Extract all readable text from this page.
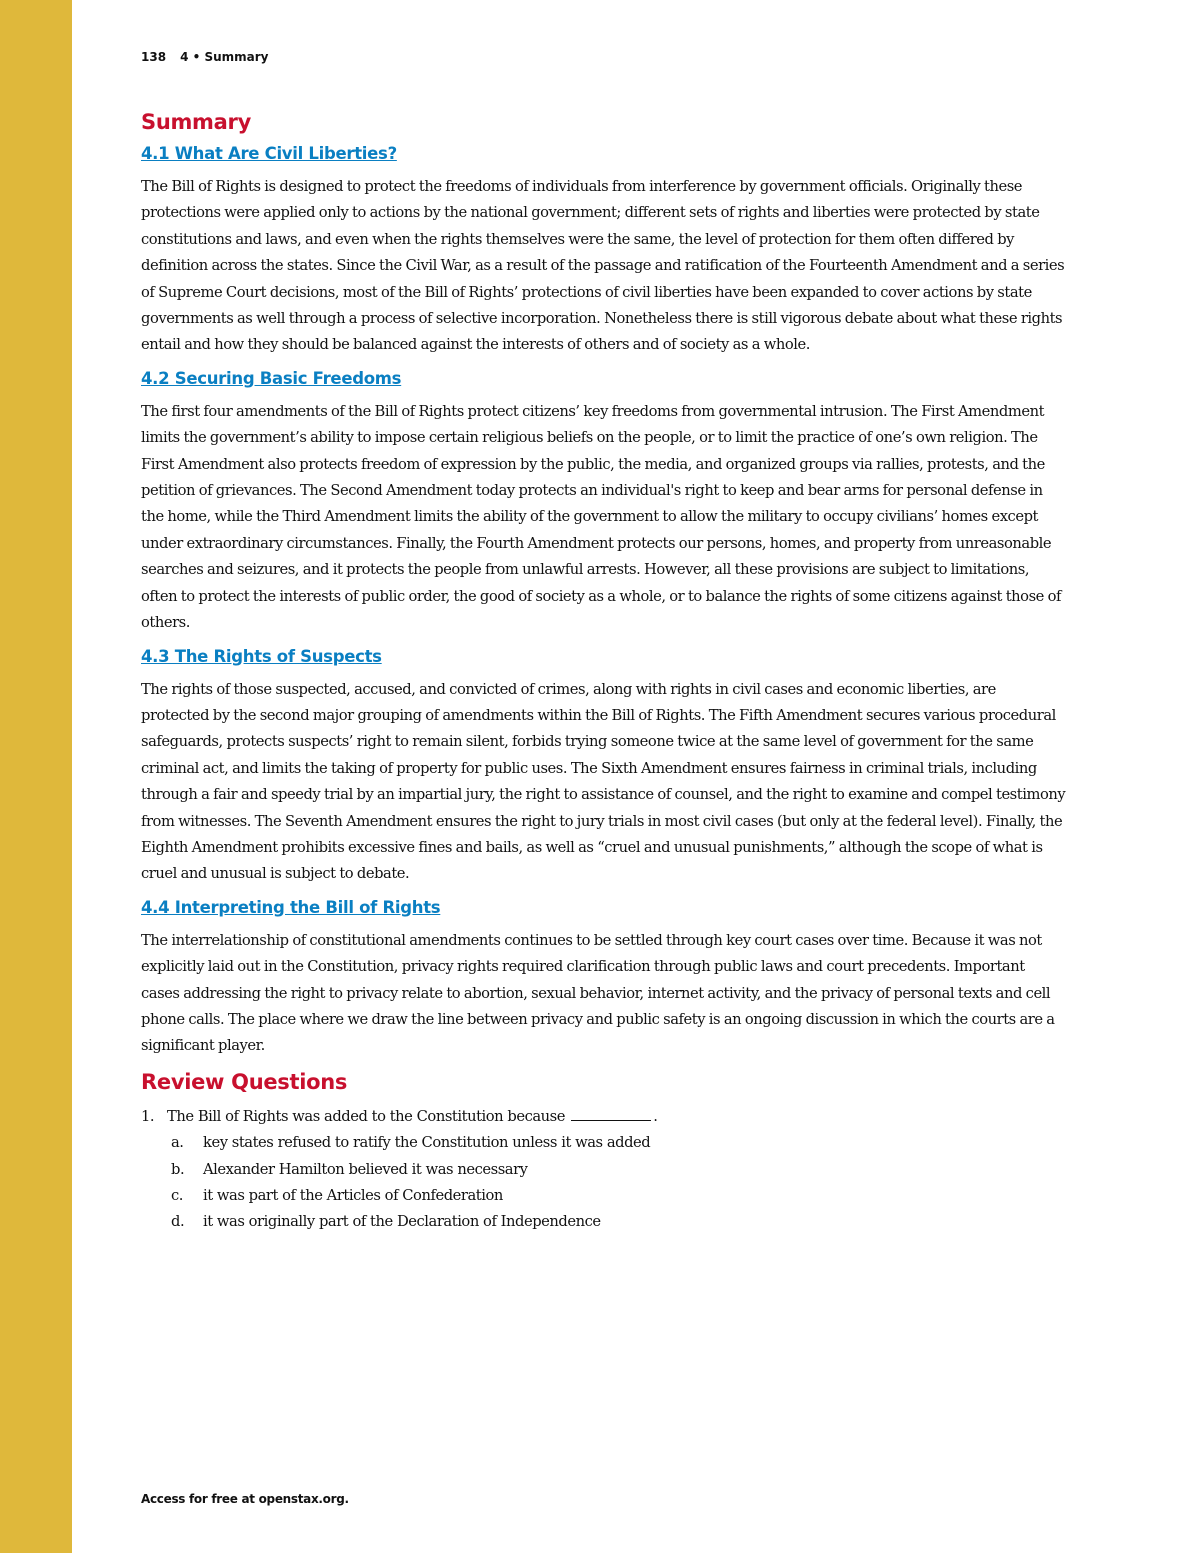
138 4 • Summary
Summary
4.1 What Are Civil Liberties?

The Bill of Rights is designed to protect the freedoms of individuals from interference by government officials. Originally these protections were applied only to actions by the national government; different sets of rights and liberties were protected by state constitutions and laws, and even when the rights themselves were the same, the level of protection for them often differed by definition across the states. Since the Civil War, as a result of the passage and ratification of the Fourteenth Amendment and a series of Supreme Court decisions, most of the Bill of Rights’ protections of civil liberties have been expanded to cover actions by state governments as well through a process of selective incorporation. Nonetheless there is still vigorous debate about what these rights entail and how they should be balanced against the interests of others and of society as a whole.

4.2 Securing Basic Freedoms

The first four amendments of the Bill of Rights protect citizens’ key freedoms from governmental intrusion. The First Amendment limits the government’s ability to impose certain religious beliefs on the people, or to limit the practice of one’s own religion. The First Amendment also protects freedom of expression by the public, the media, and organized groups via rallies, protests, and the petition of grievances. The Second Amendment today protects an individual's right to keep and bear arms for personal defense in the home, while the Third Amendment limits the ability of the government to allow the military to occupy civilians’ homes except under extraordinary circumstances. Finally, the Fourth Amendment protects our persons, homes, and property from unreasonable searches and seizures, and it protects the people from unlawful arrests. However, all these provisions are subject to limitations, often to protect the interests of public order, the good of society as a whole, or to balance the rights of some citizens against those of others.

4.3 The Rights of Suspects

The rights of those suspected, accused, and convicted of crimes, along with rights in civil cases and economic liberties, are protected by the second major grouping of amendments within the Bill of Rights. The Fifth Amendment secures various procedural safeguards, protects suspects’ right to remain silent, forbids trying someone twice at the same level of government for the same criminal act, and limits the taking of property for public uses. The Sixth Amendment ensures fairness in criminal trials, including through a fair and speedy trial by an impartial jury, the right to assistance of counsel, and the right to examine and compel testimony from witnesses. The Seventh Amendment ensures the right to jury trials in most civil cases (but only at the federal level). Finally, the Eighth Amendment prohibits excessive fines and bails, as well as “cruel and unusual punishments,” although the scope of what is cruel and unusual is subject to debate.

4.4 Interpreting the Bill of Rights

The interrelationship of constitutional amendments continues to be settled through key court cases over time. Because it was not explicitly laid out in the Constitution, privacy rights required clarification through public laws and court precedents. Important cases addressing the right to privacy relate to abortion, sexual behavior, internet activity, and the privacy of personal texts and cell phone calls. The place where we draw the line between privacy and public safety is an ongoing discussion in which the courts are a significant player.

Review Questions
1. The Bill of Rights was added to the Constitution because	.
a.	key states refused to ratify the Constitution unless it was added
b.	Alexander Hamilton believed it was necessary
c.	it was part of the Articles of Confederation
d.	it was originally part of the Declaration of Independence
Access for free at openstax.org.
